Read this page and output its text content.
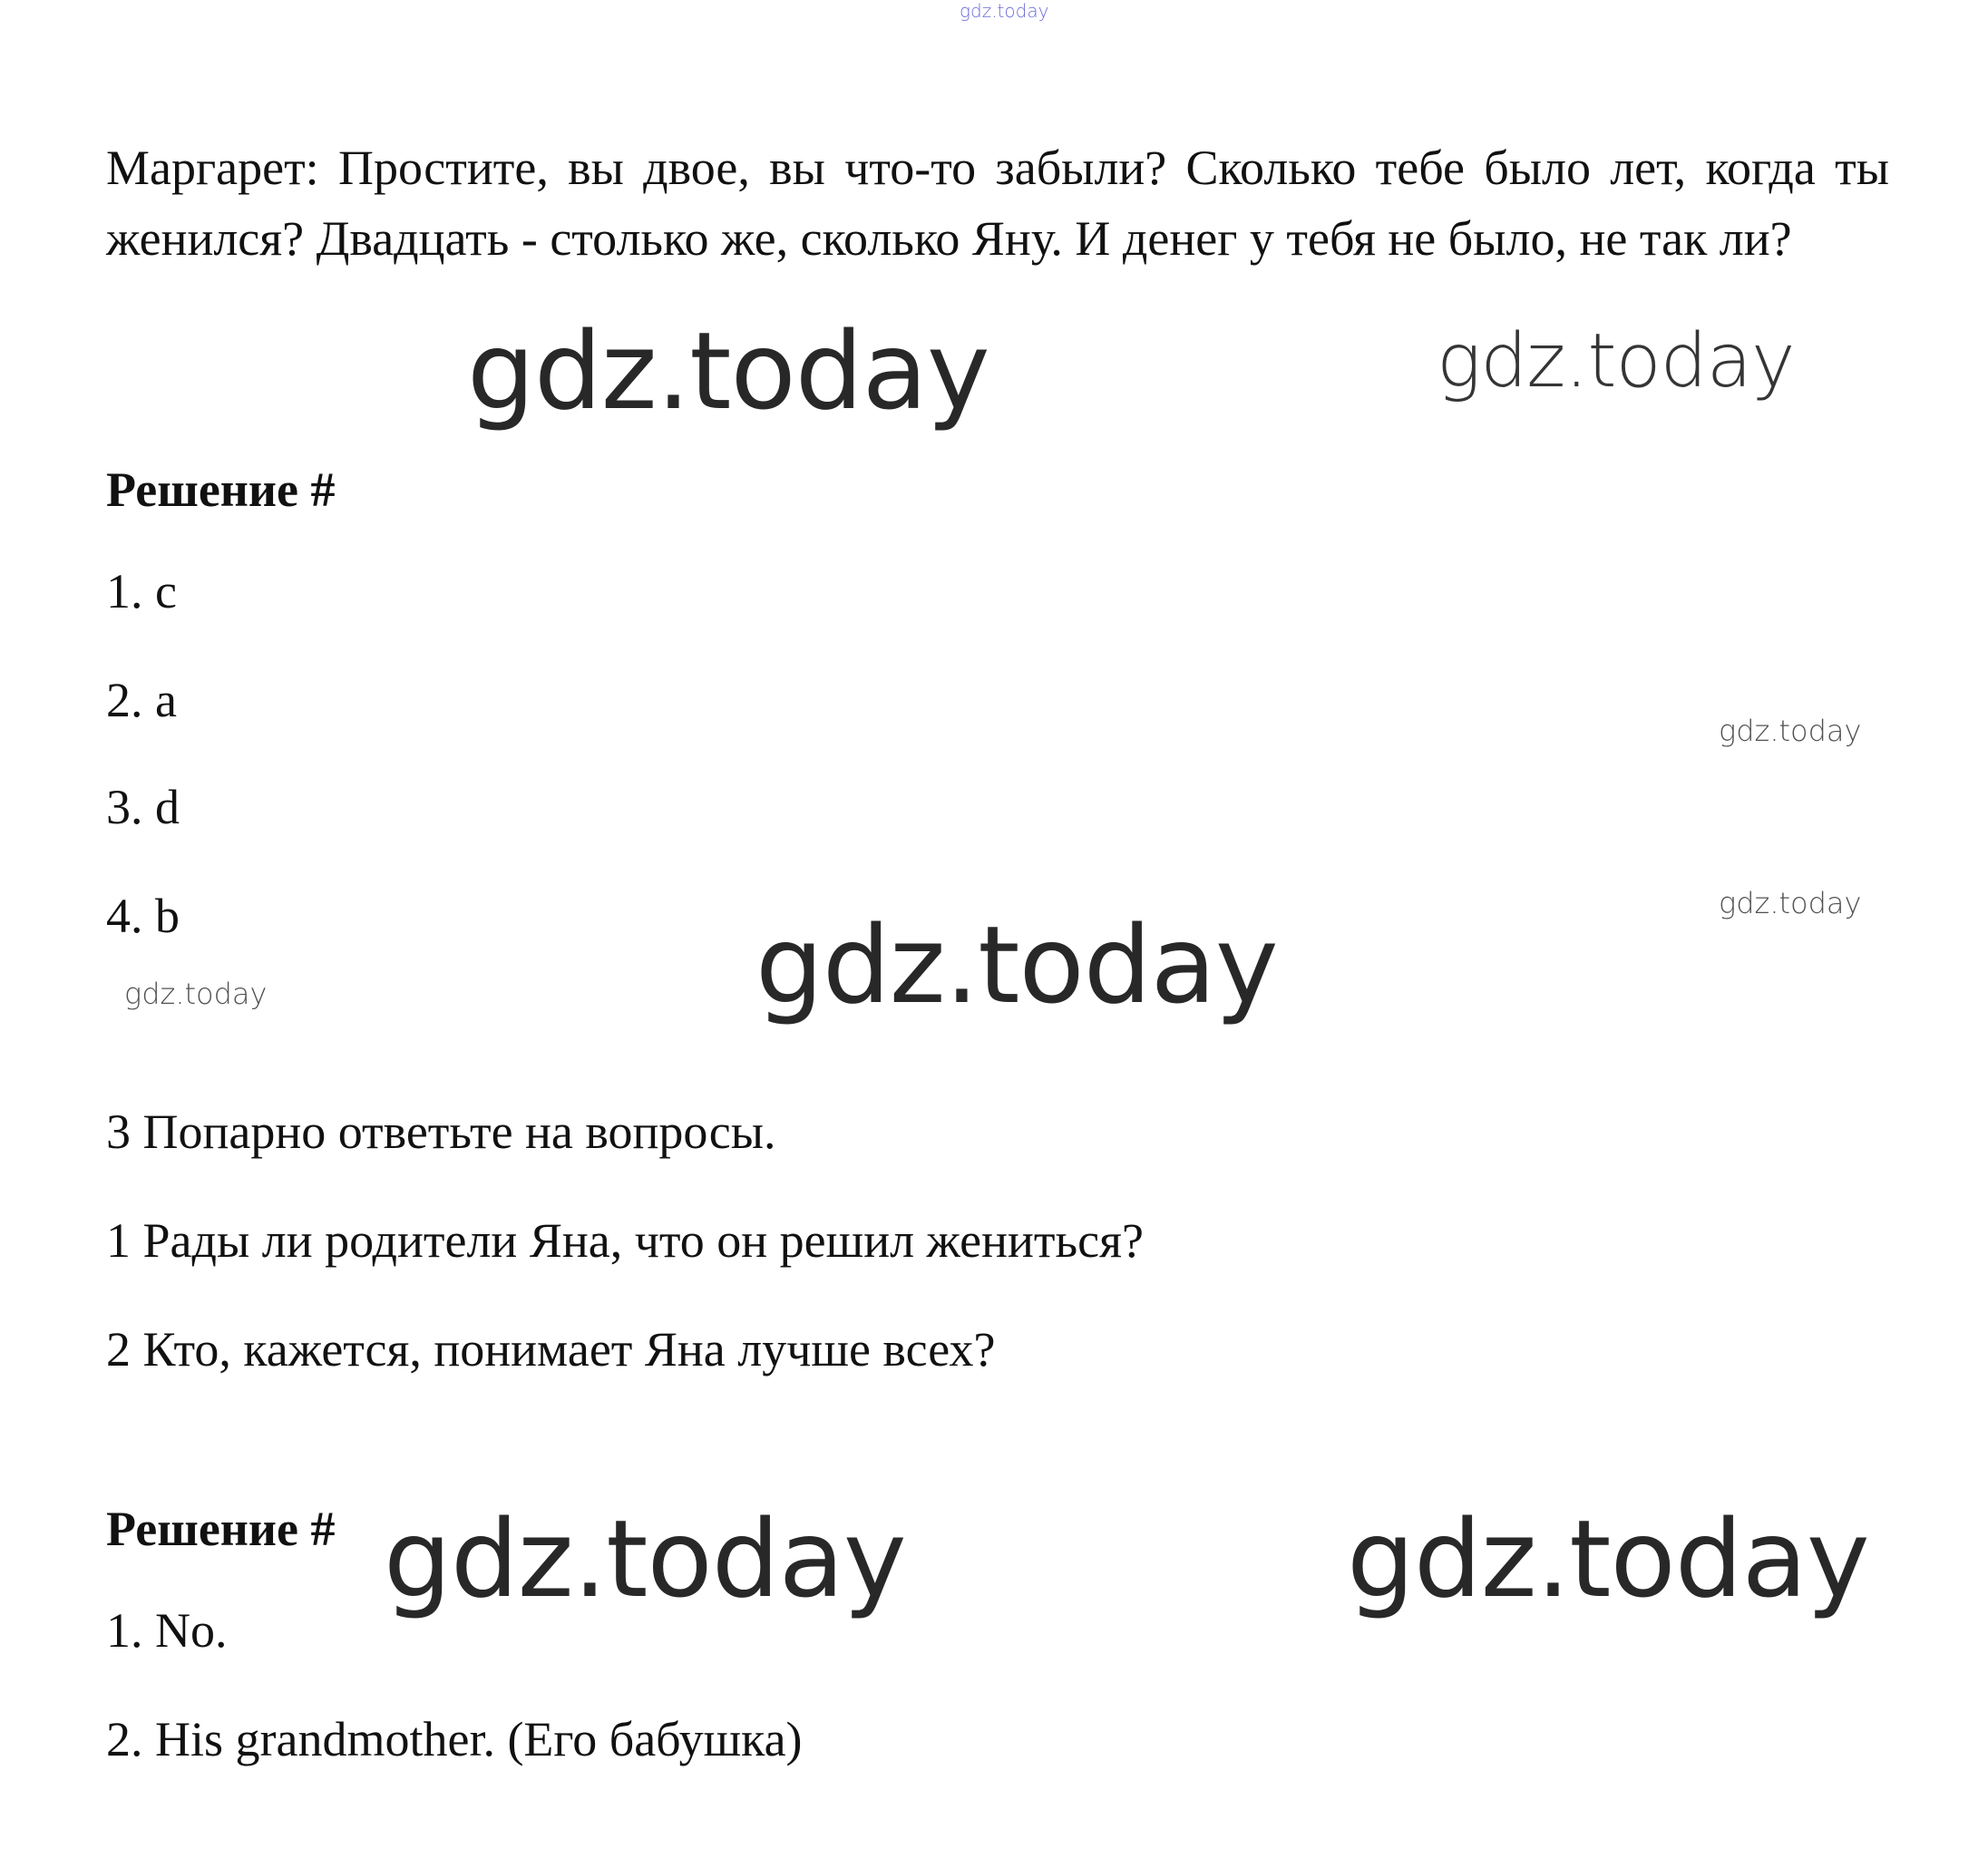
gdz.today
Маргарет: Простите, вы двое, вы что-то забыли? Сколько тебе было лет, когда ты женился? Двадцать - столько же, сколько Яну. И денег у тебя не было, не так ли?
gdz.today	gdz.today
Решение #
1. c
2. a
3. d
4. b
gdz.today
gdz.today
gdz.today
gdz.today
3 Попарно ответьте на вопросы.
1 Рады ли родители Яна, что он решил жениться?
2 Кто, кажется, понимает Яна лучше всех?
Решение # gdz.today	gdz.today
1. No.
2. His grandmother. (Его бабушка)
